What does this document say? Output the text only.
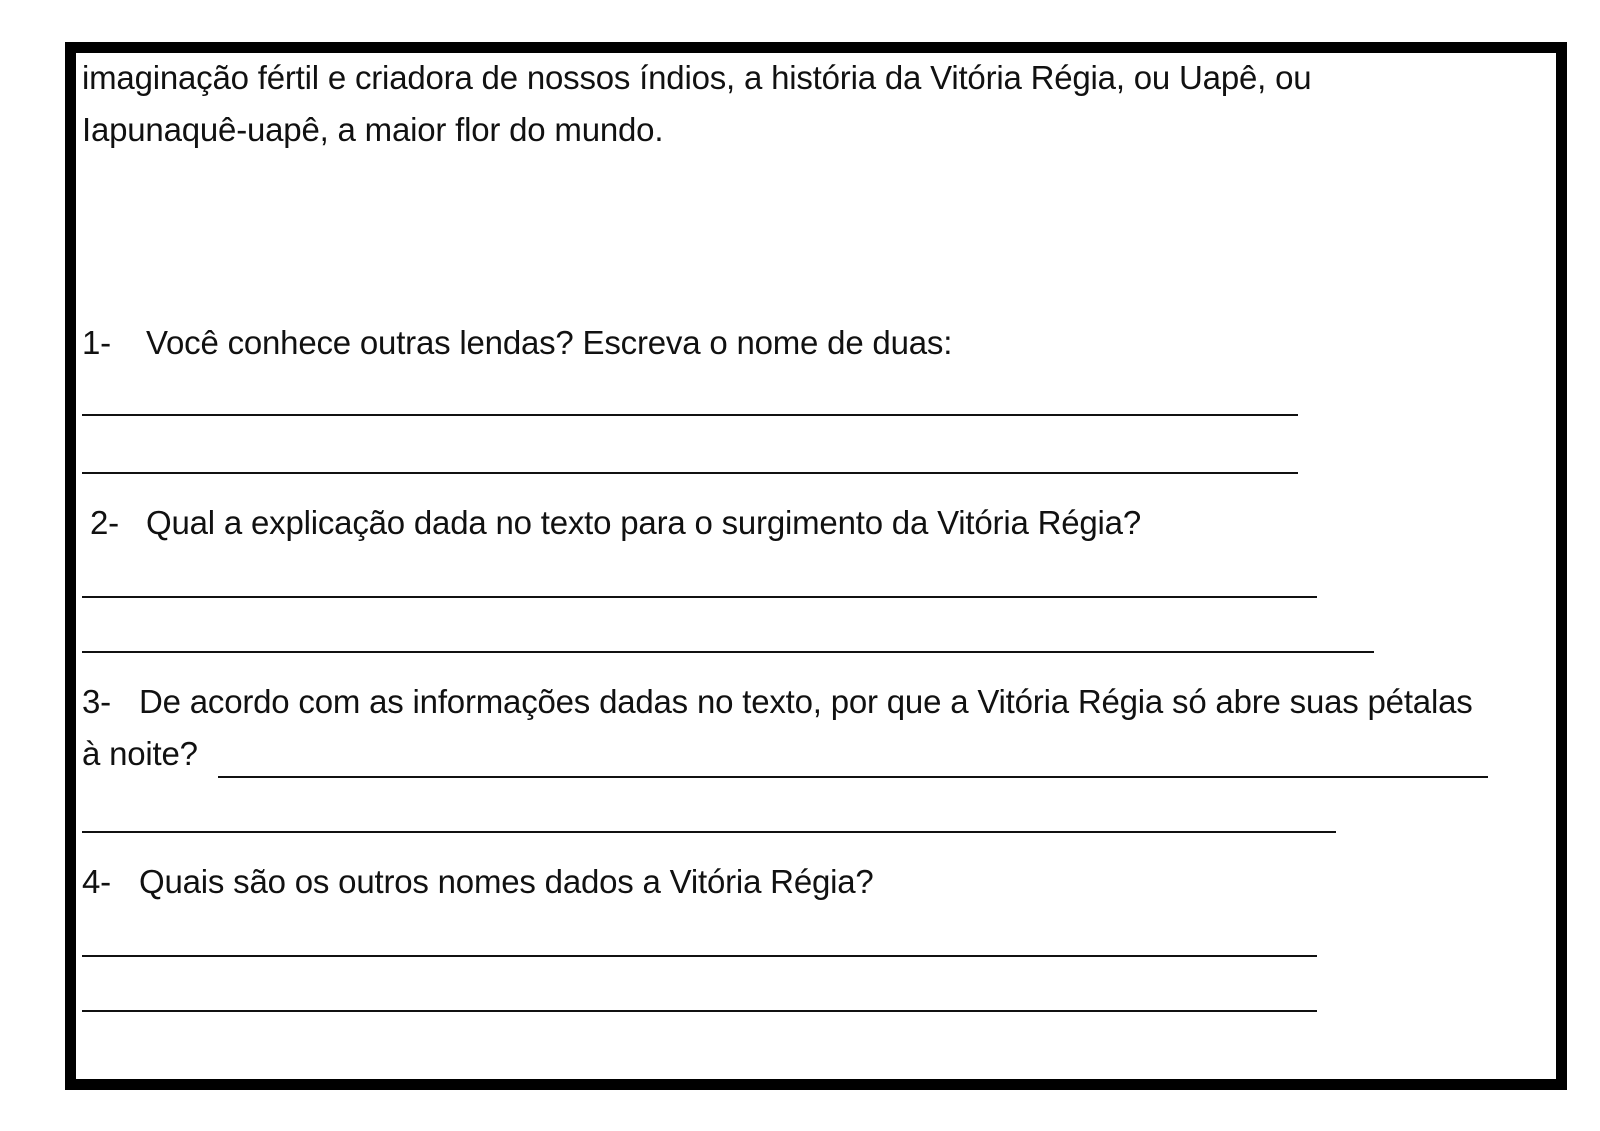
imaginação fértil e criadora de nossos índios, a história da Vitória Régia, ou Uapê, ou
Iapunaquê-uapê, a maior flor do mundo.
1- Você conhece outras lendas? Escreva o nome de duas:
2- Qual a explicação dada no texto para o surgimento da Vitória Régia?
3- De acordo com as informações dadas no texto, por que a Vitória Régia só abre suas pétalas
à noite?
4- Quais são os outros nomes dados a Vitória Régia?
